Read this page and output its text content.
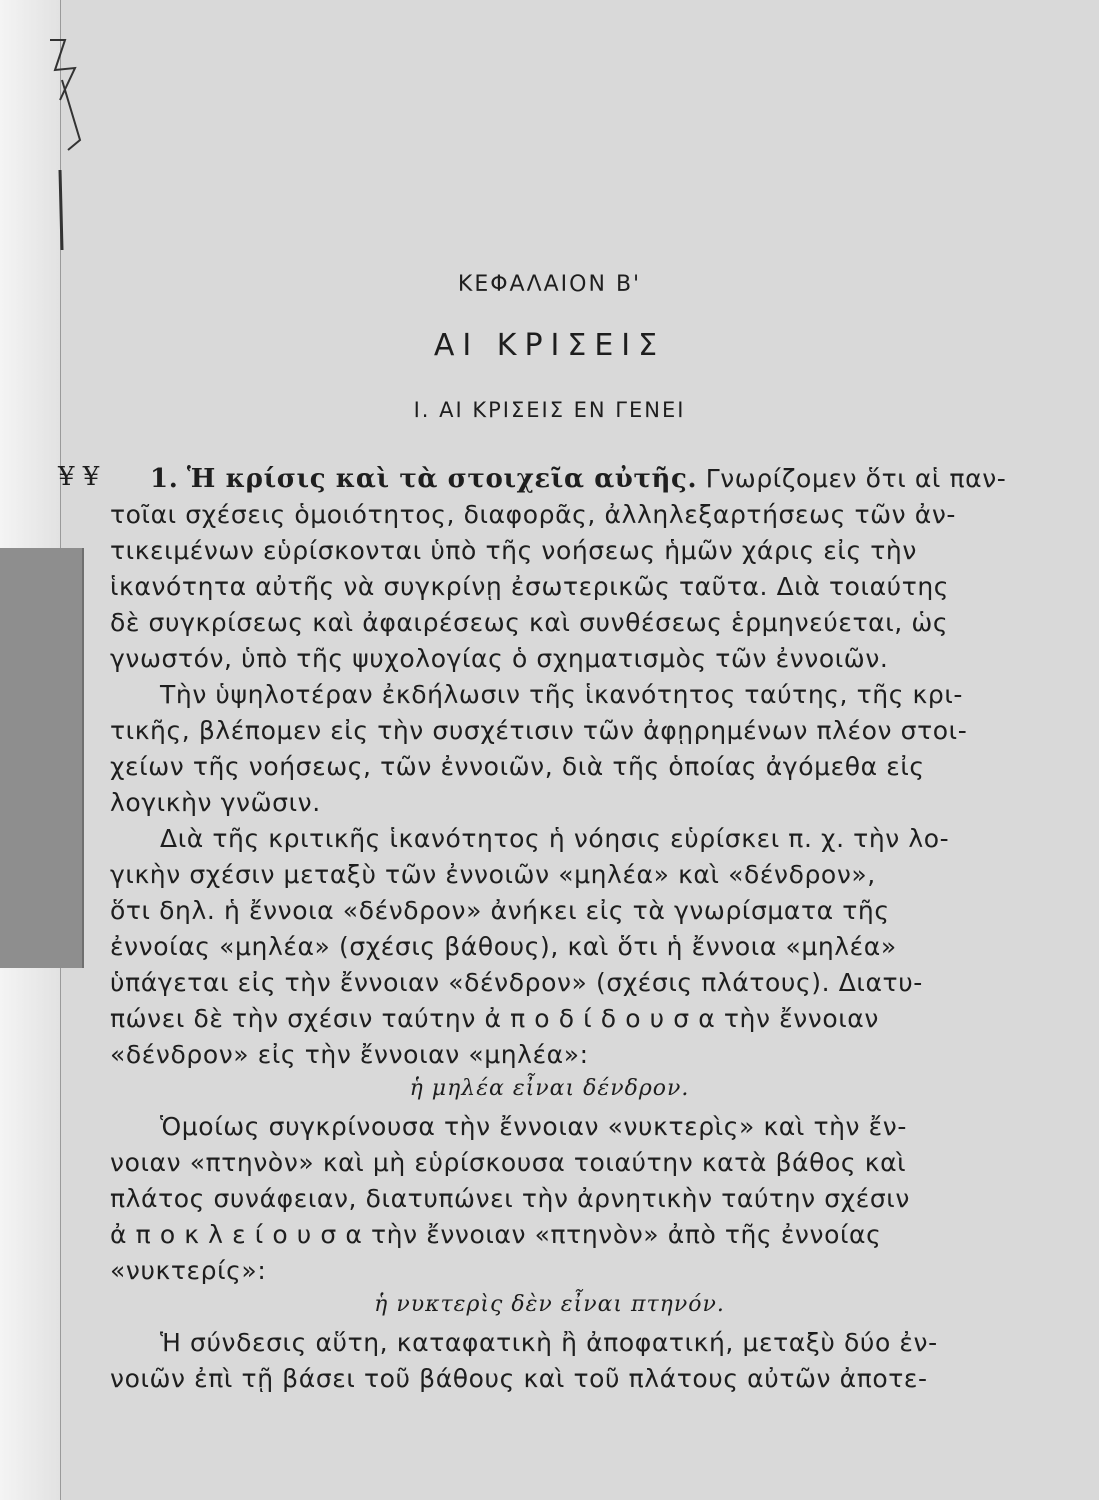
ΚΕΦΑΛΑΙΟΝ Β'
ΑΙ ΚΡΙΣΕΙΣ
Ι. ΑΙ ΚΡΙΣΕΙΣ ΕΝ ΓΕΝΕΙ
¥ ¥ 1. Ἡ κρίσις καὶ τὰ στοιχεῖα αὐτῆς. Γνωρίζομεν ὅτι αἱ παν-
τοῖαι σχέσεις ὁμοιότητος, διαφορᾶς, ἀλληλεξαρτήσεως τῶν ἀν-
τικειμένων εὑρίσκονται ὑπὸ τῆς νοήσεως ἡμῶν χάρις εἰς τὴν
ἱκανότητα αὐτῆς νὰ συγκρίνῃ ἐσωτερικῶς ταῦτα. Διὰ τοιαύτης
δὲ συγκρίσεως καὶ ἀφαιρέσεως καὶ συνθέσεως ἑρμηνεύεται, ὡς
γνωστόν, ὑπὸ τῆς ψυχολογίας ὁ σχηματισμὸς τῶν ἐννοιῶν.
Τὴν ὑψηλοτέραν ἐκδήλωσιν τῆς ἱκανότητος ταύτης, τῆς κρι-
τικῆς, βλέπομεν εἰς τὴν συσχέτισιν τῶν ἀφῃρημένων πλέον στοι-
χείων τῆς νοήσεως, τῶν ἐννοιῶν, διὰ τῆς ὁποίας ἀγόμεθα εἰς
λογικὴν γνῶσιν.
Διὰ τῆς κριτικῆς ἱκανότητος ἡ νόησις εὑρίσκει π. χ. τὴν λο-
γικὴν σχέσιν μεταξὺ τῶν ἐννοιῶν «μηλέα» καὶ «δένδρον»,
ὅτι δηλ. ἡ ἔννοια «δένδρον» ἀνήκει εἰς τὰ γνωρίσματα τῆς
ἐννοίας «μηλέα» (σχέσις βάθους), καὶ ὅτι ἡ ἔννοια «μηλέα»
ὑπάγεται εἰς τὴν ἔννοιαν «δένδρον» (σχέσις πλάτους). Διατυ-
πώνει δὲ τὴν σχέσιν ταύτην ἀ π ο δ ί δ ο υ σ α τὴν ἔννοιαν
«δένδρον» εἰς τὴν ἔννοιαν «μηλέα»:
ἡ μηλέα εἶναι δένδρον.
Ὁμοίως συγκρίνουσα τὴν ἔννοιαν «νυκτερὶς» καὶ τὴν ἔν-
νοιαν «πτηνὸν» καὶ μὴ εὑρίσκουσα τοιαύτην κατὰ βάθος καὶ
πλάτος συνάφειαν, διατυπώνει τὴν ἀρνητικὴν ταύτην σχέσιν
ἀ π ο κ λ ε ί ο υ σ α τὴν ἔννοιαν «πτηνὸν» ἀπὸ τῆς ἐννοίας
«νυκτερίς»:
ἡ νυκτερὶς δὲν εἶναι πτηνόν.
Ἡ σύνδεσις αὕτη, καταφατικὴ ἢ ἀποφατική, μεταξὺ δύο ἐν-
νοιῶν ἐπὶ τῇ βάσει τοῦ βάθους καὶ τοῦ πλάτους αὐτῶν ἀποτε-
